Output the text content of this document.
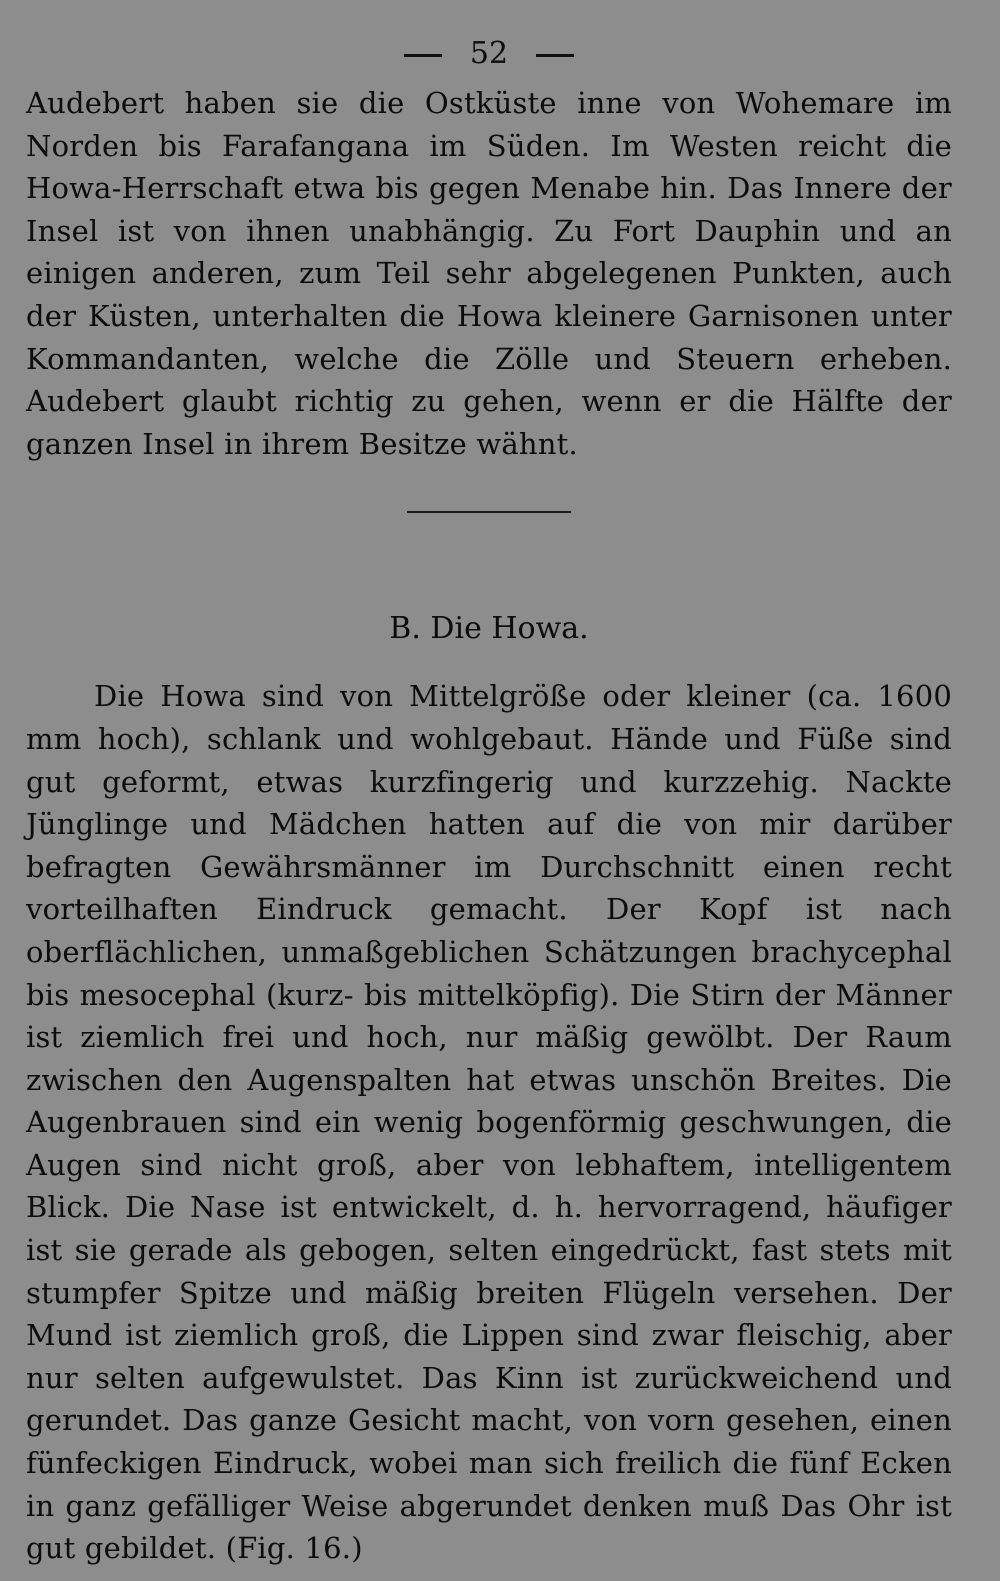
52

Audebert haben sie die Ostküste inne von Wohemare im Norden bis Farafangana im Süden. Im Westen reicht die Howa-Herrschaft etwa bis gegen Menabe hin. Das Innere der Insel ist von ihnen unabhängig. Zu Fort Dauphin und an einigen anderen, zum Teil sehr abgelegenen Punkten, auch der Küsten, unterhalten die Howa kleinere Garnisonen unter Kommandanten, welche die Zölle und Steuern erheben. Audebert glaubt richtig zu gehen, wenn er die Hälfte der ganzen Insel in ihrem Besitze wähnt.

B. Die Howa.

Die Howa sind von Mittelgröße oder kleiner (ca. 1600 mm hoch), schlank und wohlgebaut. Hände und Füße sind gut geformt, etwas kurzfingerig und kurzzehig. Nackte Jünglinge und Mädchen hatten auf die von mir darüber befragten Gewährsmänner im Durchschnitt einen recht vorteilhaften Eindruck gemacht. Der Kopf ist nach oberflächlichen, unmaßgeblichen Schätzungen brachycephal bis mesocephal (kurz- bis mittelköpfig). Die Stirn der Männer ist ziemlich frei und hoch, nur mäßig gewölbt. Der Raum zwischen den Augenspalten hat etwas unschön Breites. Die Augenbrauen sind ein wenig bogenförmig geschwungen, die Augen sind nicht groß, aber von lebhaftem, intelligentem Blick. Die Nase ist entwickelt, d. h. hervorragend, häufiger ist sie gerade als gebogen, selten eingedrückt, fast stets mit stumpfer Spitze und mäßig breiten Flügeln versehen. Der Mund ist ziemlich groß, die Lippen sind zwar fleischig, aber nur selten aufgewulstet. Das Kinn ist zurückweichend und gerundet. Das ganze Gesicht macht, von vorn gesehen, einen fünfeckigen Eindruck, wobei man sich freilich die fünf Ecken in ganz gefälliger Weise abgerundet denken muß Das Ohr ist gut gebildet. (Fig. 16.)
